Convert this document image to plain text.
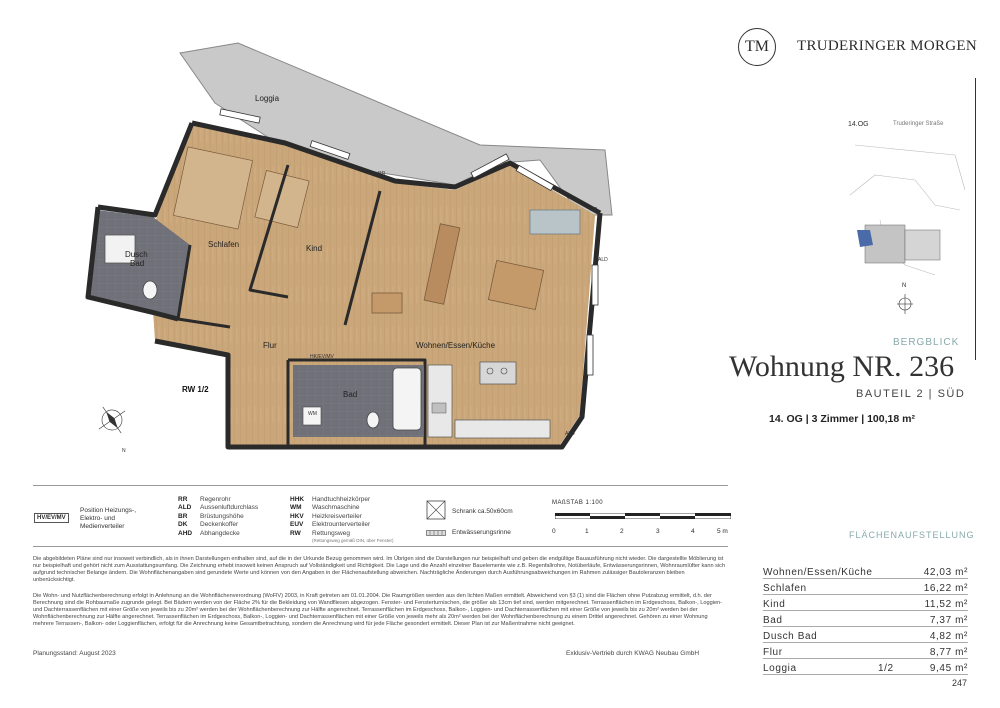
Loggia
Schlafen	Kind
Dusch
Bad
Flur	Wohnen/Essen/Küche
Bad
RR
RR
ALD
ALD
WM
HK/EV/MV
RW 1/2
N
HV/EV/MV
Position Heizungs-,
Elektro- und
Medienverteiler
RR	Regenrohr
ALD	Aussenluftdurchlass
BR	Brüstungshöhe
DK	Deckenkoffer
AHD	Abhangdecke
HHK	Handtuchheizkörper
WM	Waschmaschine
HKV	Heizkreisverteiler
EUV	Elektrounterverteiler
RW	Rettungsweg
(Rettungsweg gemäß DIN, über Fenster)
Schrank ca.50x60cm
Entwässerungsrinne
MAßSTAB 1:100
0	1	2	3	4	5 m
Die abgebildeten Pläne sind nur insoweit verbindlich, als in ihnen Darstellungen enthalten sind, auf die in der Urkunde Bezug genommen wird. Im Übrigen sind die Darstellungen nur beispielhaft und geben die endgültige Bauausführung nicht wieder. Die dargestellte Möblierung ist nur beispielhaft und gehört nicht zum Ausstattungsumfang. Die Zeichnung erhebt insoweit keinen Anspruch auf Vollständigkeit und Richtigkeit. Die Lage und die Anzahl einzelner Bauelemente wie z.B. Regenfallrohre, Notüberläufe, Entwässerungsrinnen, Wohnraumlüfter kann sich aufgrund technischer Belange ändern. Die Wohnflächenangaben sind gerundete Werte und können von den Angaben in der Flächenaufstellung abweichen. Nachträgliche Änderungen durch Ausführungsabweichungen im Rahmen zulässiger Bautoleranzen bleiben unberücksichtigt.
Die Wohn- und Nutzflächenberechnung erfolgt in Anlehnung an die Wohnflächenverordnung (WoFlV) 2003, in Kraft getreten am 01.01.2004. Die Raumgrößen werden aus den lichten Maßen ermittelt. Abweichend von §3 (1) sind die Flächen ohne Putzabzug ermittelt, d.h. der Berechnung sind die Rohbaumaße zugrunde gelegt. Bei Bädern werden von der Fläche 2% für die Bekleidung von Wandfliesen abgezogen. Fenster- und Fensterturnischen, die größer als 13cm tief sind, werden mitgerechnet. Terrassenflächen im Erdgeschoss, Balkon-, Loggien- und Dachterrassenflächen mit einer Größe von jeweils bis zu 20m² werden bei der Wohnflächenberechnung zur Hälfte angerechnet. Terrassenflächen im Erdgeschoss, Balkon-, Loggien- und Dachterrassenflächen mit einer Größe von jeweils bis zu 20m² werden bei der Wohnflächenberechnung zur Hälfte angerechnet. Terrassenflächen im Erdgeschoss, Balkon-, Loggien- und Dachterrassenflächen mit einer Größe von jeweils mehr als 20m² werden bei der Wohnflächenberechnung zu einem Drittel angerechnet. Gehören zu einer Wohnung mehrere Terrassen-, Balkon- oder Loggienflächen, erfolgt für die Anrechnung keine Gesamtbetrachtung, sondern die Anrechnung wird für jede Fläche gesondert ermittelt. Dieser Plan ist zur Maßentnahme nicht geeignet.
Planungsstand: August 2023	Exklusiv-Vertrieb durch KWAG Neubau GmbH
TM	TRUDERINGER MORGEN
14.OG	Truderinger Straße
N
BERGBLICK
Wohnung NR. 236
BAUTEIL 2 | SÜD
14. OG | 3 Zimmer | 100,18 m²
FLÄCHENAUFSTELLUNG
Wohnen/Essen/Küche	42,03 m²
Schlafen	16,22 m²
Kind	11,52 m²
Bad	7,37 m²
Dusch Bad	4,82 m²
Flur	8,77 m²
Loggia	1/2	9,45 m²
247
